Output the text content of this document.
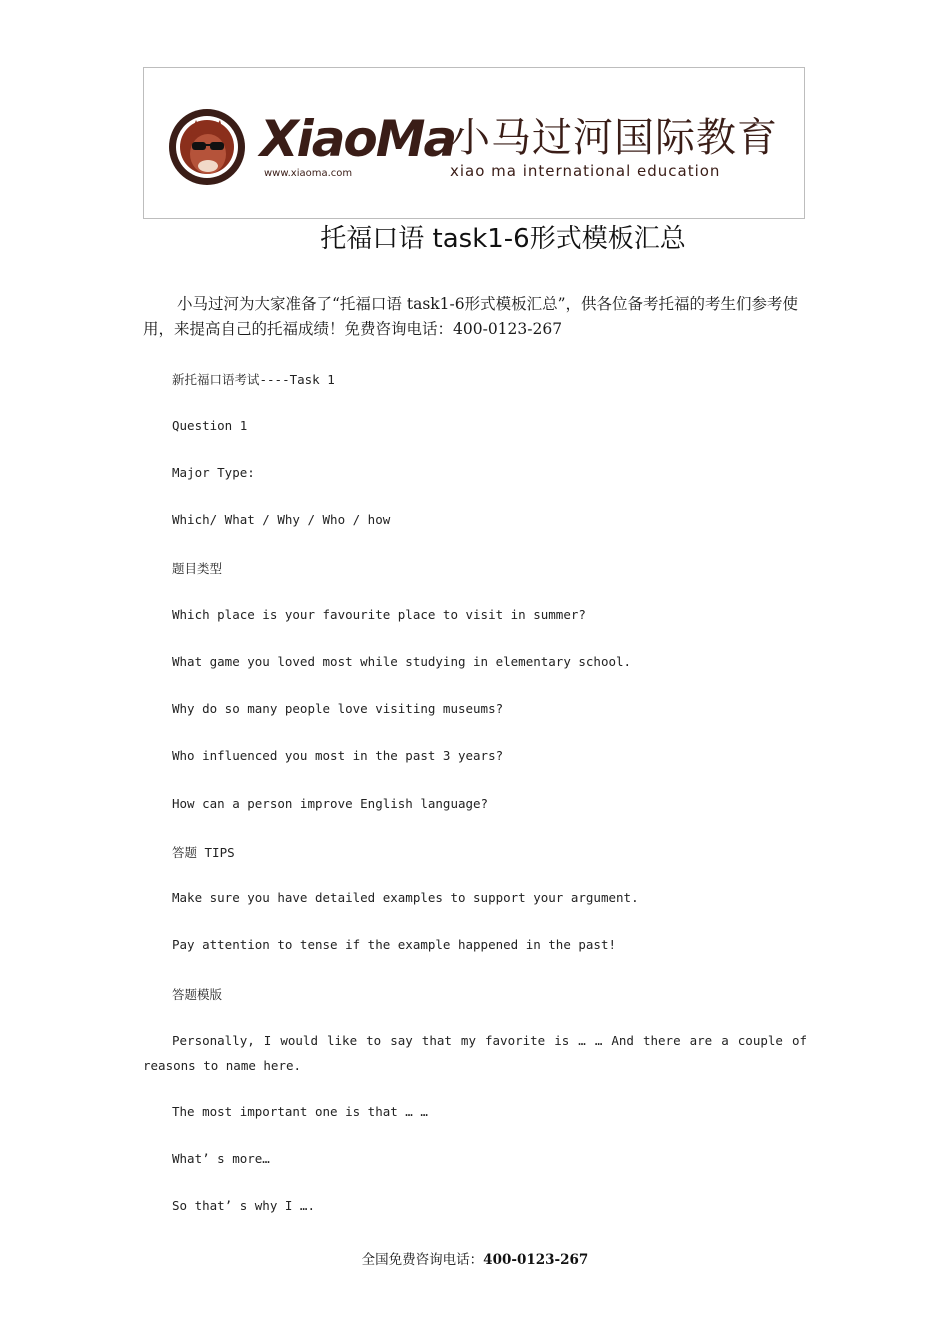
XiaoMa
www.xiaoma.com
小马过河国际教育
xiao ma international education
托福口语 task1-6形式模板汇总

小马过河为大家准备了“托福口语 task1-6形式模板汇总”，供各位备考托福的考生们参考使用，来提高自己的托福成绩！免费咨询电话：400-0123-267

新托福口语考试----Task 1

Question 1

Major Type:

Which/ What / Why / Who / how

题目类型

Which place is your favourite place to visit in summer?

What game you loved most while studying in elementary school.

Why do so many people love visiting museums?

Who influenced you most in the past 3 years?

How can a person improve English language?

答题 TIPS

Make sure you have detailed examples to support your argument.

Pay attention to tense if the example happened in the past!

答题模版

Personally, I would like to say that my favorite is … … And there are a couple of reasons to name here.

The most important one is that … …

What’ s more…

So that’ s why I ….

全国免费咨询电话：400-0123-267
